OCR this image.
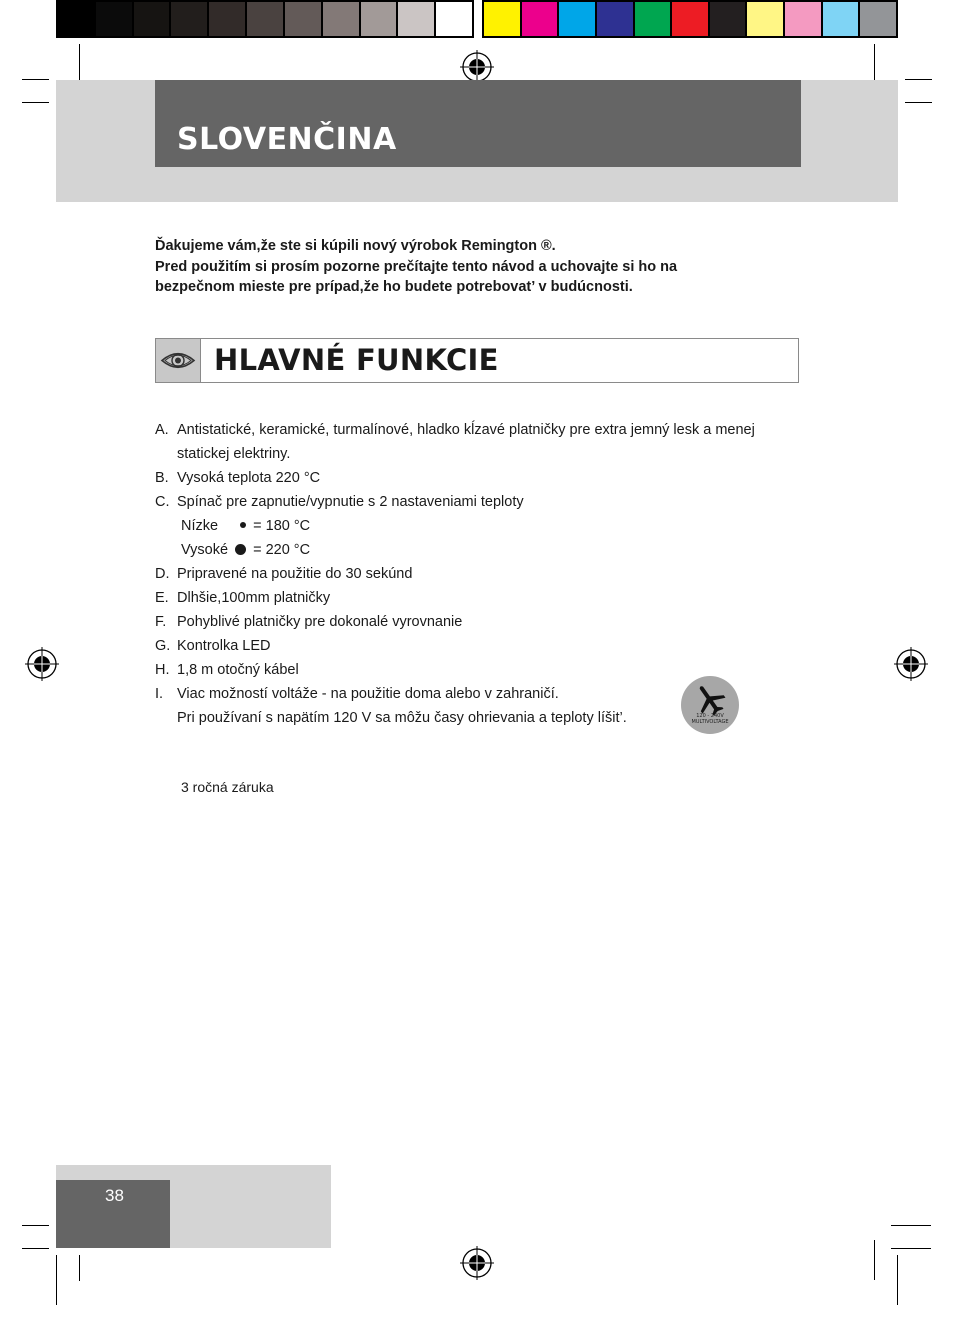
SLOVENČINA

Ďakujeme vám,že ste si kúpili nový výrobok Remington ®.

Pred použitím si prosím pozorne prečítajte tento návod a uchovajte si ho na

bezpečnom mieste pre prípad,že ho budete potrebovat’ v budúcnosti.

HLAVNÉ FUNKCIE
A. Antistatické, keramické, turmalínové, hladko kĺzavé platničky pre extra jemný lesk a menej statickej elektriny.
B. Vysoká teplota 220 °C
C. Spínač pre zapnutie/vypnutie s 2 nastaveniami teploty
Nízke = 180 °C
Vysoké = 220 °C
D. Pripravené na použitie do 30 sekúnd
E. Dlhšie,100mm platničky
F. Pohyblivé platničky pre dokonalé vyrovnanie
G. Kontrolka LED
H. 1,8 m otočný kábel
I. Viac možností voltáže - na použitie doma alebo v zahraničí.
Pri používaní s napätím 120 V sa môžu časy ohrievania a teploty líšit’.	120 - 240V
MULTIVOLTAGE
3 ročná záruka
38
